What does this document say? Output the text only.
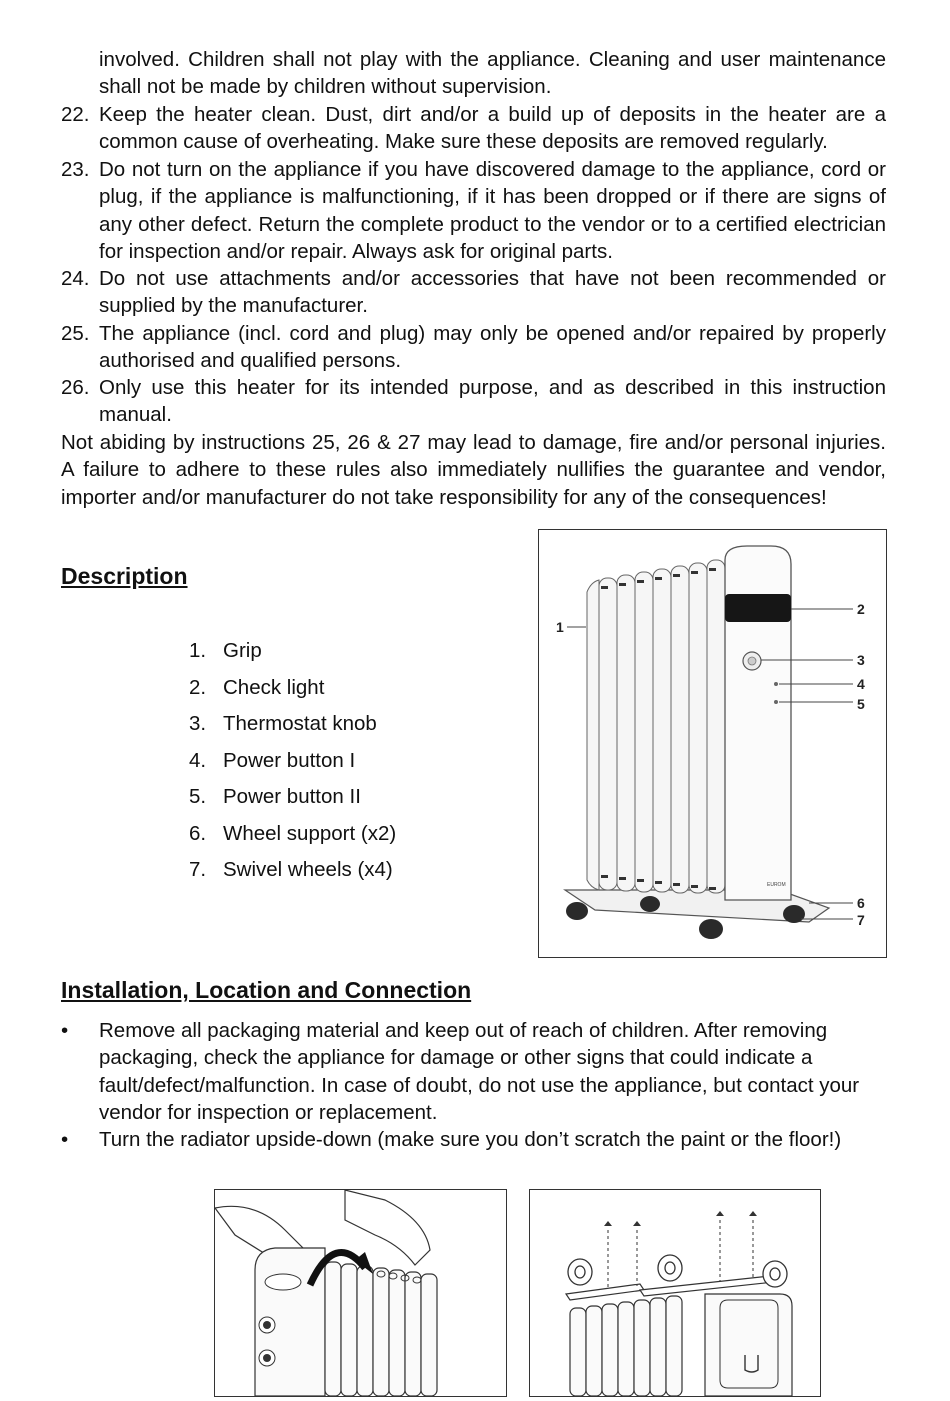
involved. Children shall not play with the appliance. Cleaning and user maintenance shall not be made by children without supervision.
22. Keep the heater clean. Dust, dirt and/or a build up of deposits in the heater are a common cause of overheating. Make sure these deposits are removed regularly.
23. Do not turn on the appliance if you have discovered damage to the appliance, cord or plug, if the appliance is malfunctioning, if it has been dropped or if there are signs of any other defect. Return the complete product to the vendor or to a certified electrician for inspection and/or repair. Always ask for original parts.
24. Do not use attachments and/or accessories that have not been recommended or supplied by the manufacturer.
25. The appliance (incl. cord and plug) may only be opened and/or repaired by properly authorised and qualified persons.
26. Only use this heater for its intended purpose, and as described in this instruction manual.
Not abiding by instructions 25, 26 & 27 may lead to damage, fire and/or personal injuries. A failure to adhere to these rules also immediately nullifies the guarantee and vendor, importer and/or manufacturer do not take responsibility for any of the consequences!
Description
1. Grip
2. Check light
3. Thermostat knob
4. Power button I
5. Power button II
6. Wheel support (x2)
7. Swivel wheels (x4)
EUROM
1
2
3
4
5
6
7
Installation, Location and Connection
• Remove all packaging material and keep out of reach of children. After removing packaging, check the appliance for damage or other signs that could indicate a fault/defect/malfunction. In case of doubt, do not use the appliance, but contact your vendor for inspection or replacement.
• Turn the radiator upside-down (make sure you don’t scratch the paint or the floor!)
